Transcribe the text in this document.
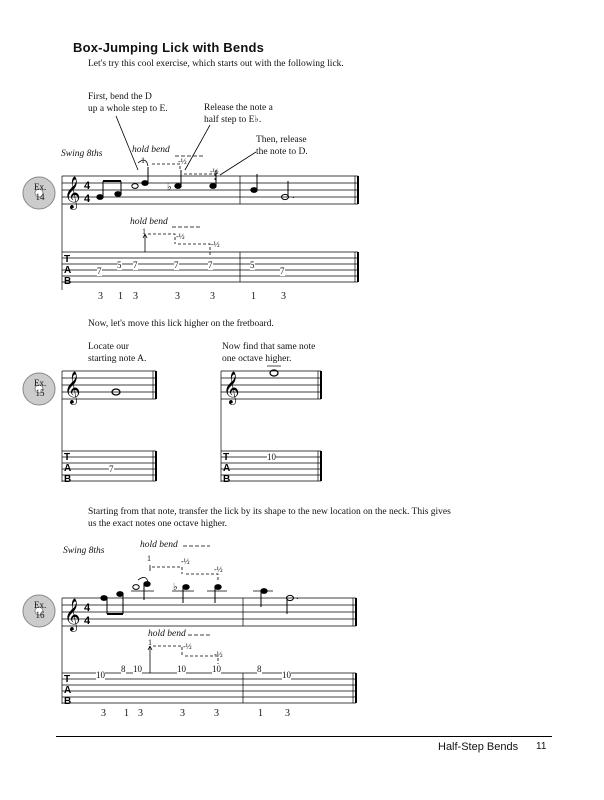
Box-Jumping Lick with Bends
Let's try this cool exercise, which starts out with the following lick.
First, bend the D
up a whole step to E.	Release the note a
half step to E♭.
Then, release
the note to D.
Swing 8ths
𝄞 4
4
♭
.
T
A
B
hold bend
hold bend
1	-½
-½
1
-½
-½
Ex.
14
7
5 7	7	7	5
7
3 1 3	3	3	1	3
Now, let's move this lick higher on the fretboard.
Locate our
starting note A.
Now find that same note
one octave higher.
𝄞	𝄞
T
A
B
T
A
B
Ex.
15
7
10
Starting from that note, transfer the lick by its shape to the new location on the neck. This gives
us the exact notes one octave higher.
Swing 8ths
𝄞 4
4
♭
.
T
A
B
hold bend
hold bend
1	-½
-½
1	-½
-½
Ex.
16
10
8 10	10	10	8
10
3 1 3	3	3	1 3
Half-Step Bends 11
